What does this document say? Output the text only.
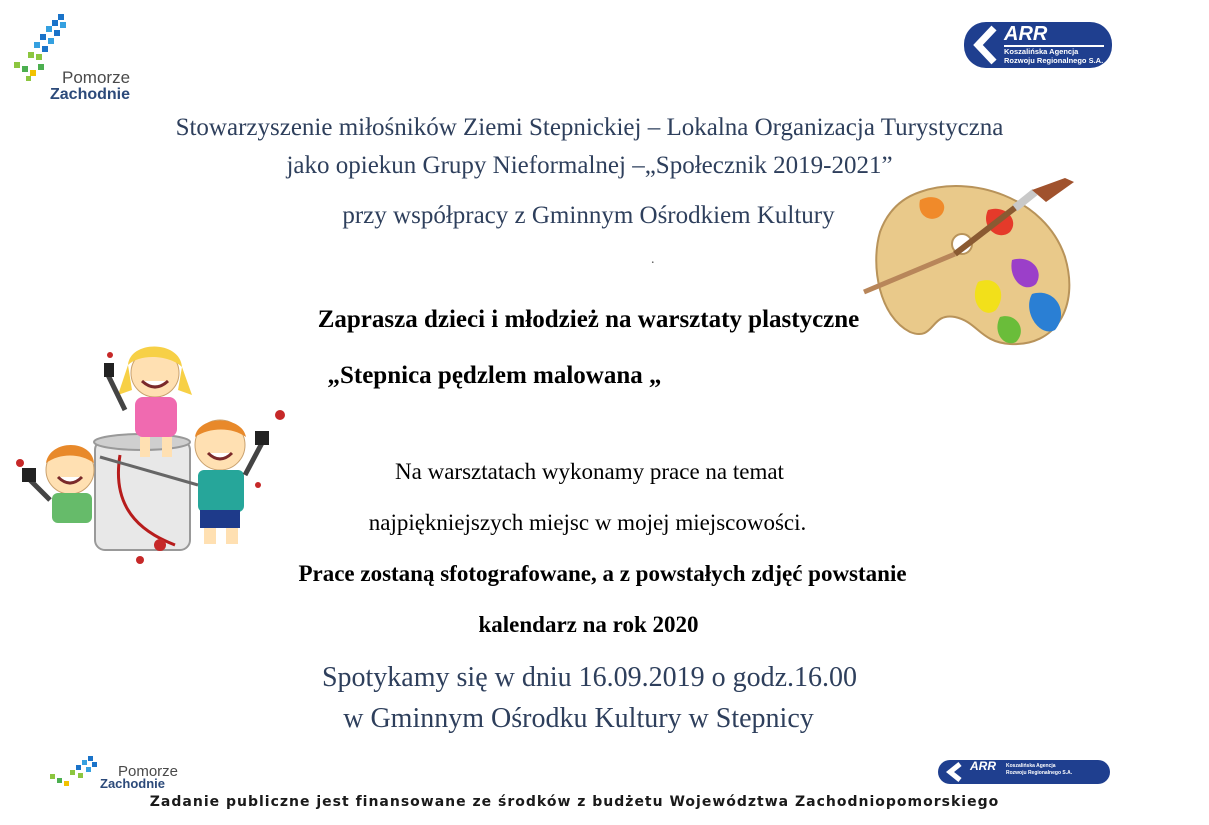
Pomorze
Zachodnie
ARR
Koszalińska Agencja
Rozwoju Regionalnego S.A.
Stowarzyszenie miłośników Ziemi Stepnickiej – Lokalna Organizacja Turystyczna
jako opiekun Grupy Nieformalnej –„Społecznik 2019-2021”
przy współpracy z Gminnym Ośrodkiem Kultury
.
Zaprasza dzieci i młodzież na warsztaty plastyczne
„Stepnica pędzlem malowana „
Na warsztatach wykonamy prace na temat
najpiękniejszych miejsc w mojej miejscowości.
Prace zostaną sfotografowane, a z powstałych zdjęć powstanie
kalendarz na rok 2020
Spotykamy się w dniu 16.09.2019 o godz.16.00
w Gminnym Ośrodku Kultury w Stepnicy
Pomorze
Zachodnie
ARR Koszalińska Agencja
Rozwoju Regionalnego S.A.
Zadanie publiczne jest finansowane ze środków z budżetu Województwa Zachodniopomorskiego
